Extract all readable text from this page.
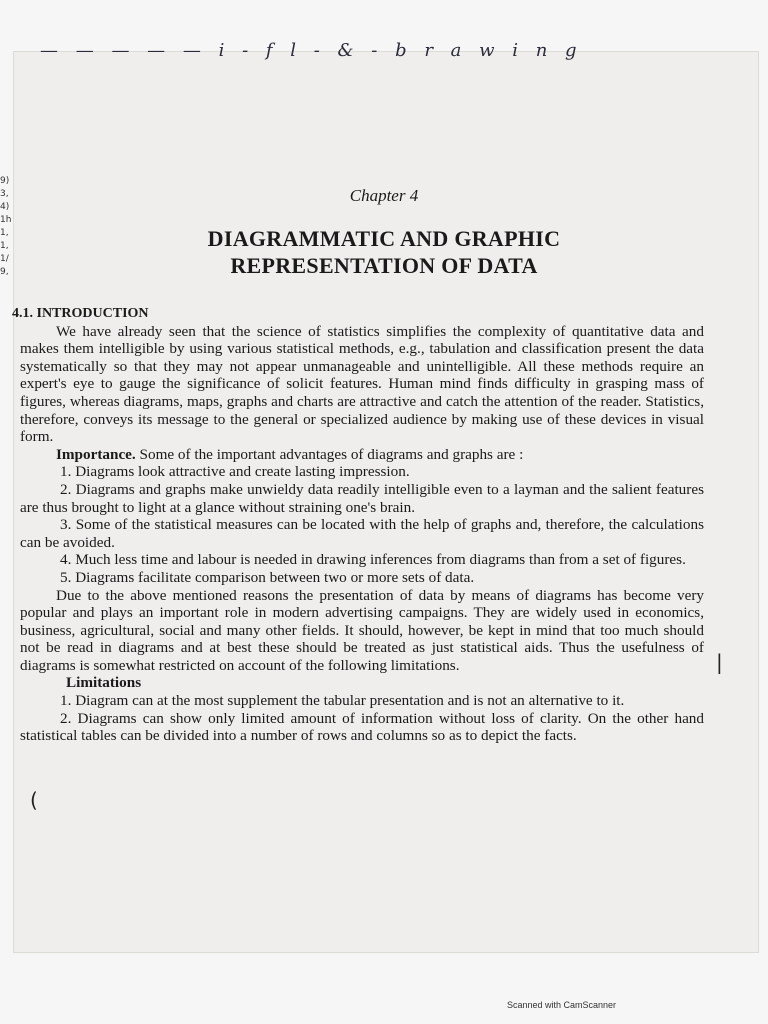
— — — — — i - f l - & - b r a w i n g
9)
3,
4)
1h
1,
1,
1/
9,
Chapter 4
DIAGRAMMATIC AND GRAPHIC
REPRESENTATION OF DATA
4.1. INTRODUCTION

We have already seen that the science of statistics simplifies the complexity of quantitative data and makes them intelligible by using various statistical methods, e.g., tabulation and classification present the data systematically so that they may not appear unmanageable and unintelligible. All these methods require an expert's eye to gauge the significance of solicit features. Human mind finds difficulty in grasping mass of figures, whereas diagrams, maps, graphs and charts are attractive and catch the attention of the reader. Statistics, therefore, conveys its message to the general or specialized audience by making use of these devices in visual form.

Importance. Some of the important advantages of diagrams and graphs are :

1. Diagrams look attractive and create lasting impression.

2. Diagrams and graphs make unwieldy data readily intelligible even to a layman and the salient features are thus brought to light at a glance without straining one's brain.

3. Some of the statistical measures can be located with the help of graphs and, therefore, the calculations can be avoided.

4. Much less time and labour is needed in drawing inferences from diagrams than from a set of figures.

5. Diagrams facilitate comparison between two or more sets of data.

Due to the above mentioned reasons the presentation of data by means of diagrams has become very popular and plays an important role in modern advertising campaigns. They are widely used in economics, business, agricultural, social and many other fields. It should, however, be kept in mind that too much should not be read in diagrams and at best these should be treated as just statistical aids. Thus the usefulness of diagrams is somewhat restricted on account of the following limitations.

Limitations

1. Diagram can at the most supplement the tabular presentation and is not an alternative to it.

2. Diagrams can show only limited amount of information without loss of clarity. On the other hand statistical tables can be divided into a number of rows and columns so as to depict the facts.

(
|
Scanned with CamScanner
